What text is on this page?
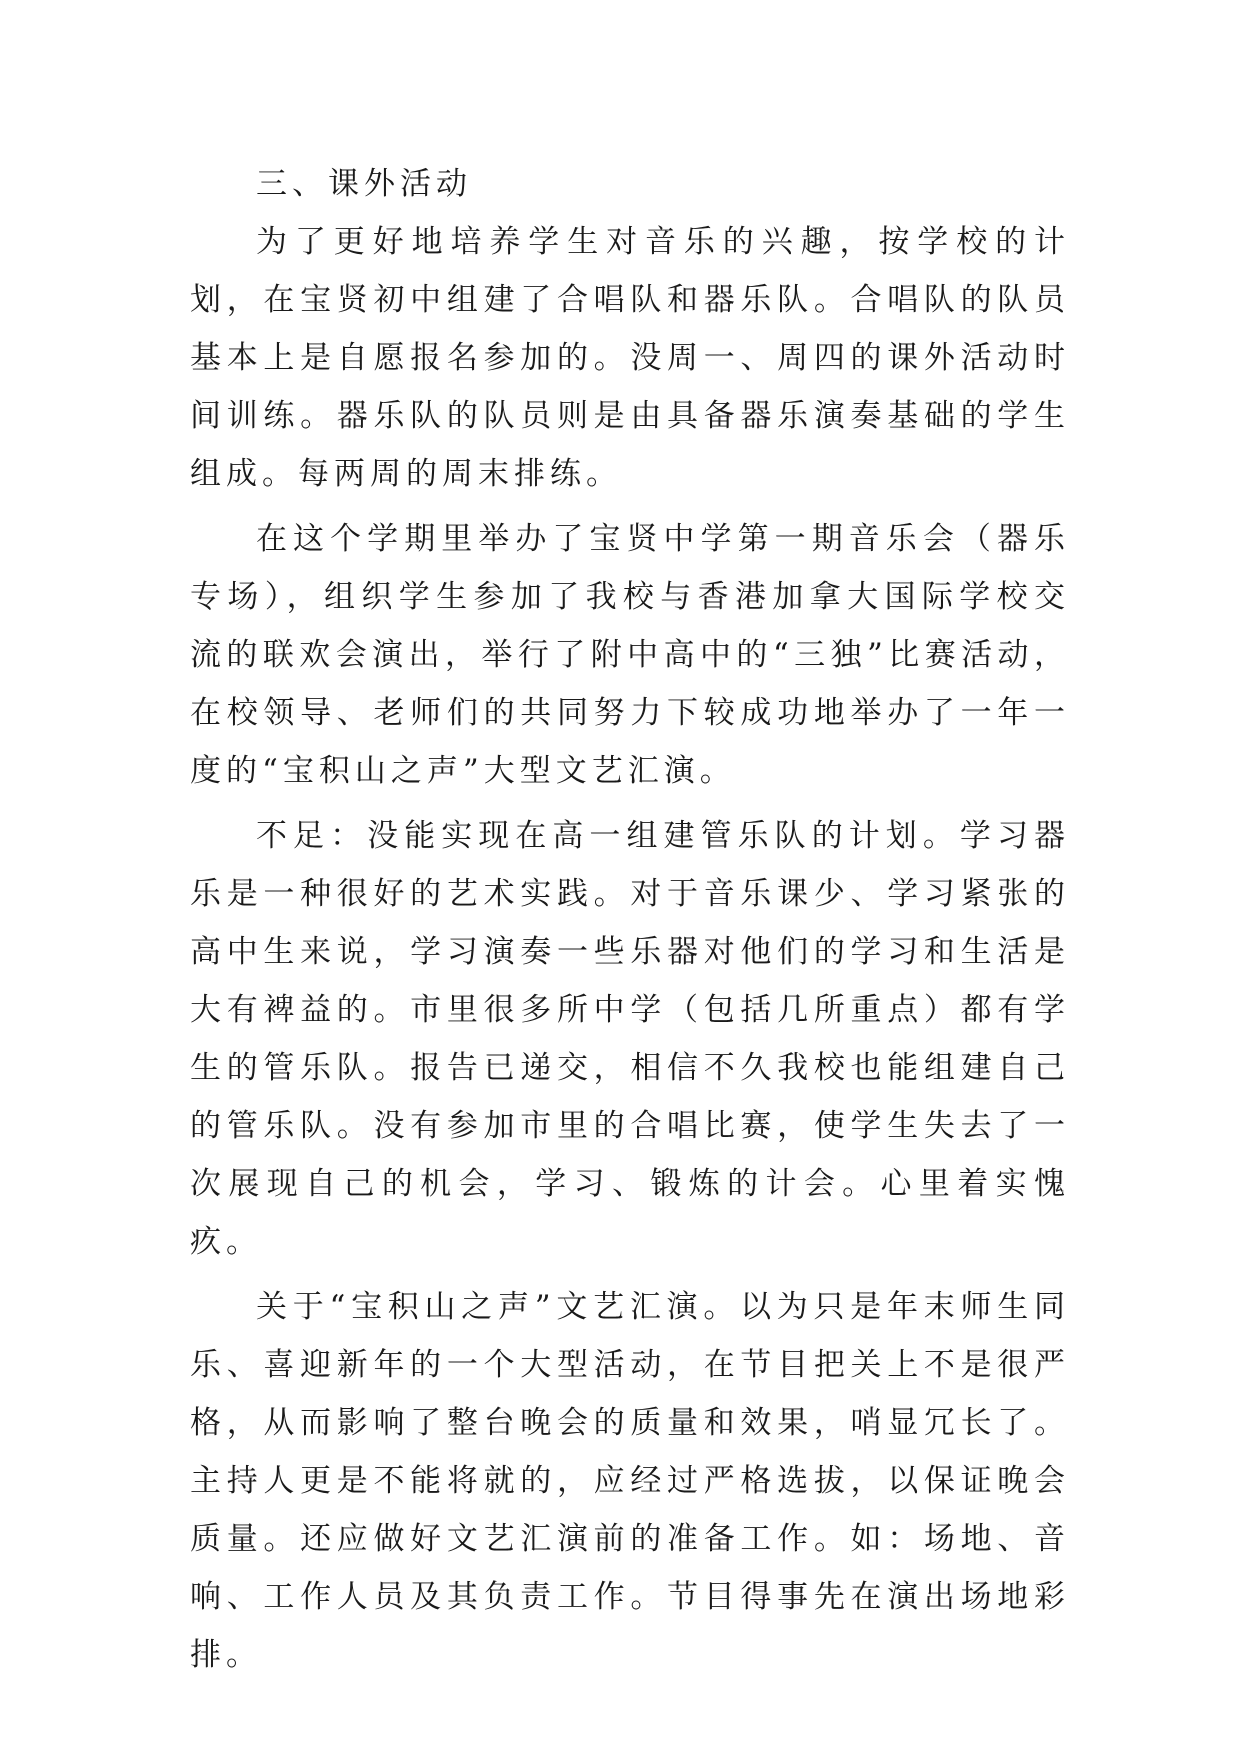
三、课外活动

为了更好地培养学生对音乐的兴趣，按学校的计划，在宝贤初中组建了合唱队和器乐队。合唱队的队员基本上是自愿报名参加的。没周一、周四的课外活动时间训练。器乐队的队员则是由具备器乐演奏基础的学生组成。每两周的周末排练。

在这个学期里举办了宝贤中学第一期音乐会（器乐专场），组织学生参加了我校与香港加拿大国际学校交流的联欢会演出，举行了附中高中的“三独”比赛活动，在校领导、老师们的共同努力下较成功地举办了一年一度的“宝积山之声”大型文艺汇演。

不足：没能实现在高一组建管乐队的计划。学习器乐是一种很好的艺术实践。对于音乐课少、学习紧张的高中生来说，学习演奏一些乐器对他们的学习和生活是大有裨益的。市里很多所中学（包括几所重点）都有学生的管乐队。报告已递交，相信不久我校也能组建自己的管乐队。没有参加市里的合唱比赛，使学生失去了一次展现自己的机会，学习、锻炼的计会。心里着实愧疚。

关于“宝积山之声”文艺汇演。以为只是年末师生同乐、喜迎新年的一个大型活动，在节目把关上不是很严格，从而影响了整台晚会的质量和效果，哨显冗长了。主持人更是不能将就的，应经过严格选拔，以保证晚会质量。还应做好文艺汇演前的准备工作。如：场地、音响、工作人员及其负责工作。节目得事先在演出场地彩排。
